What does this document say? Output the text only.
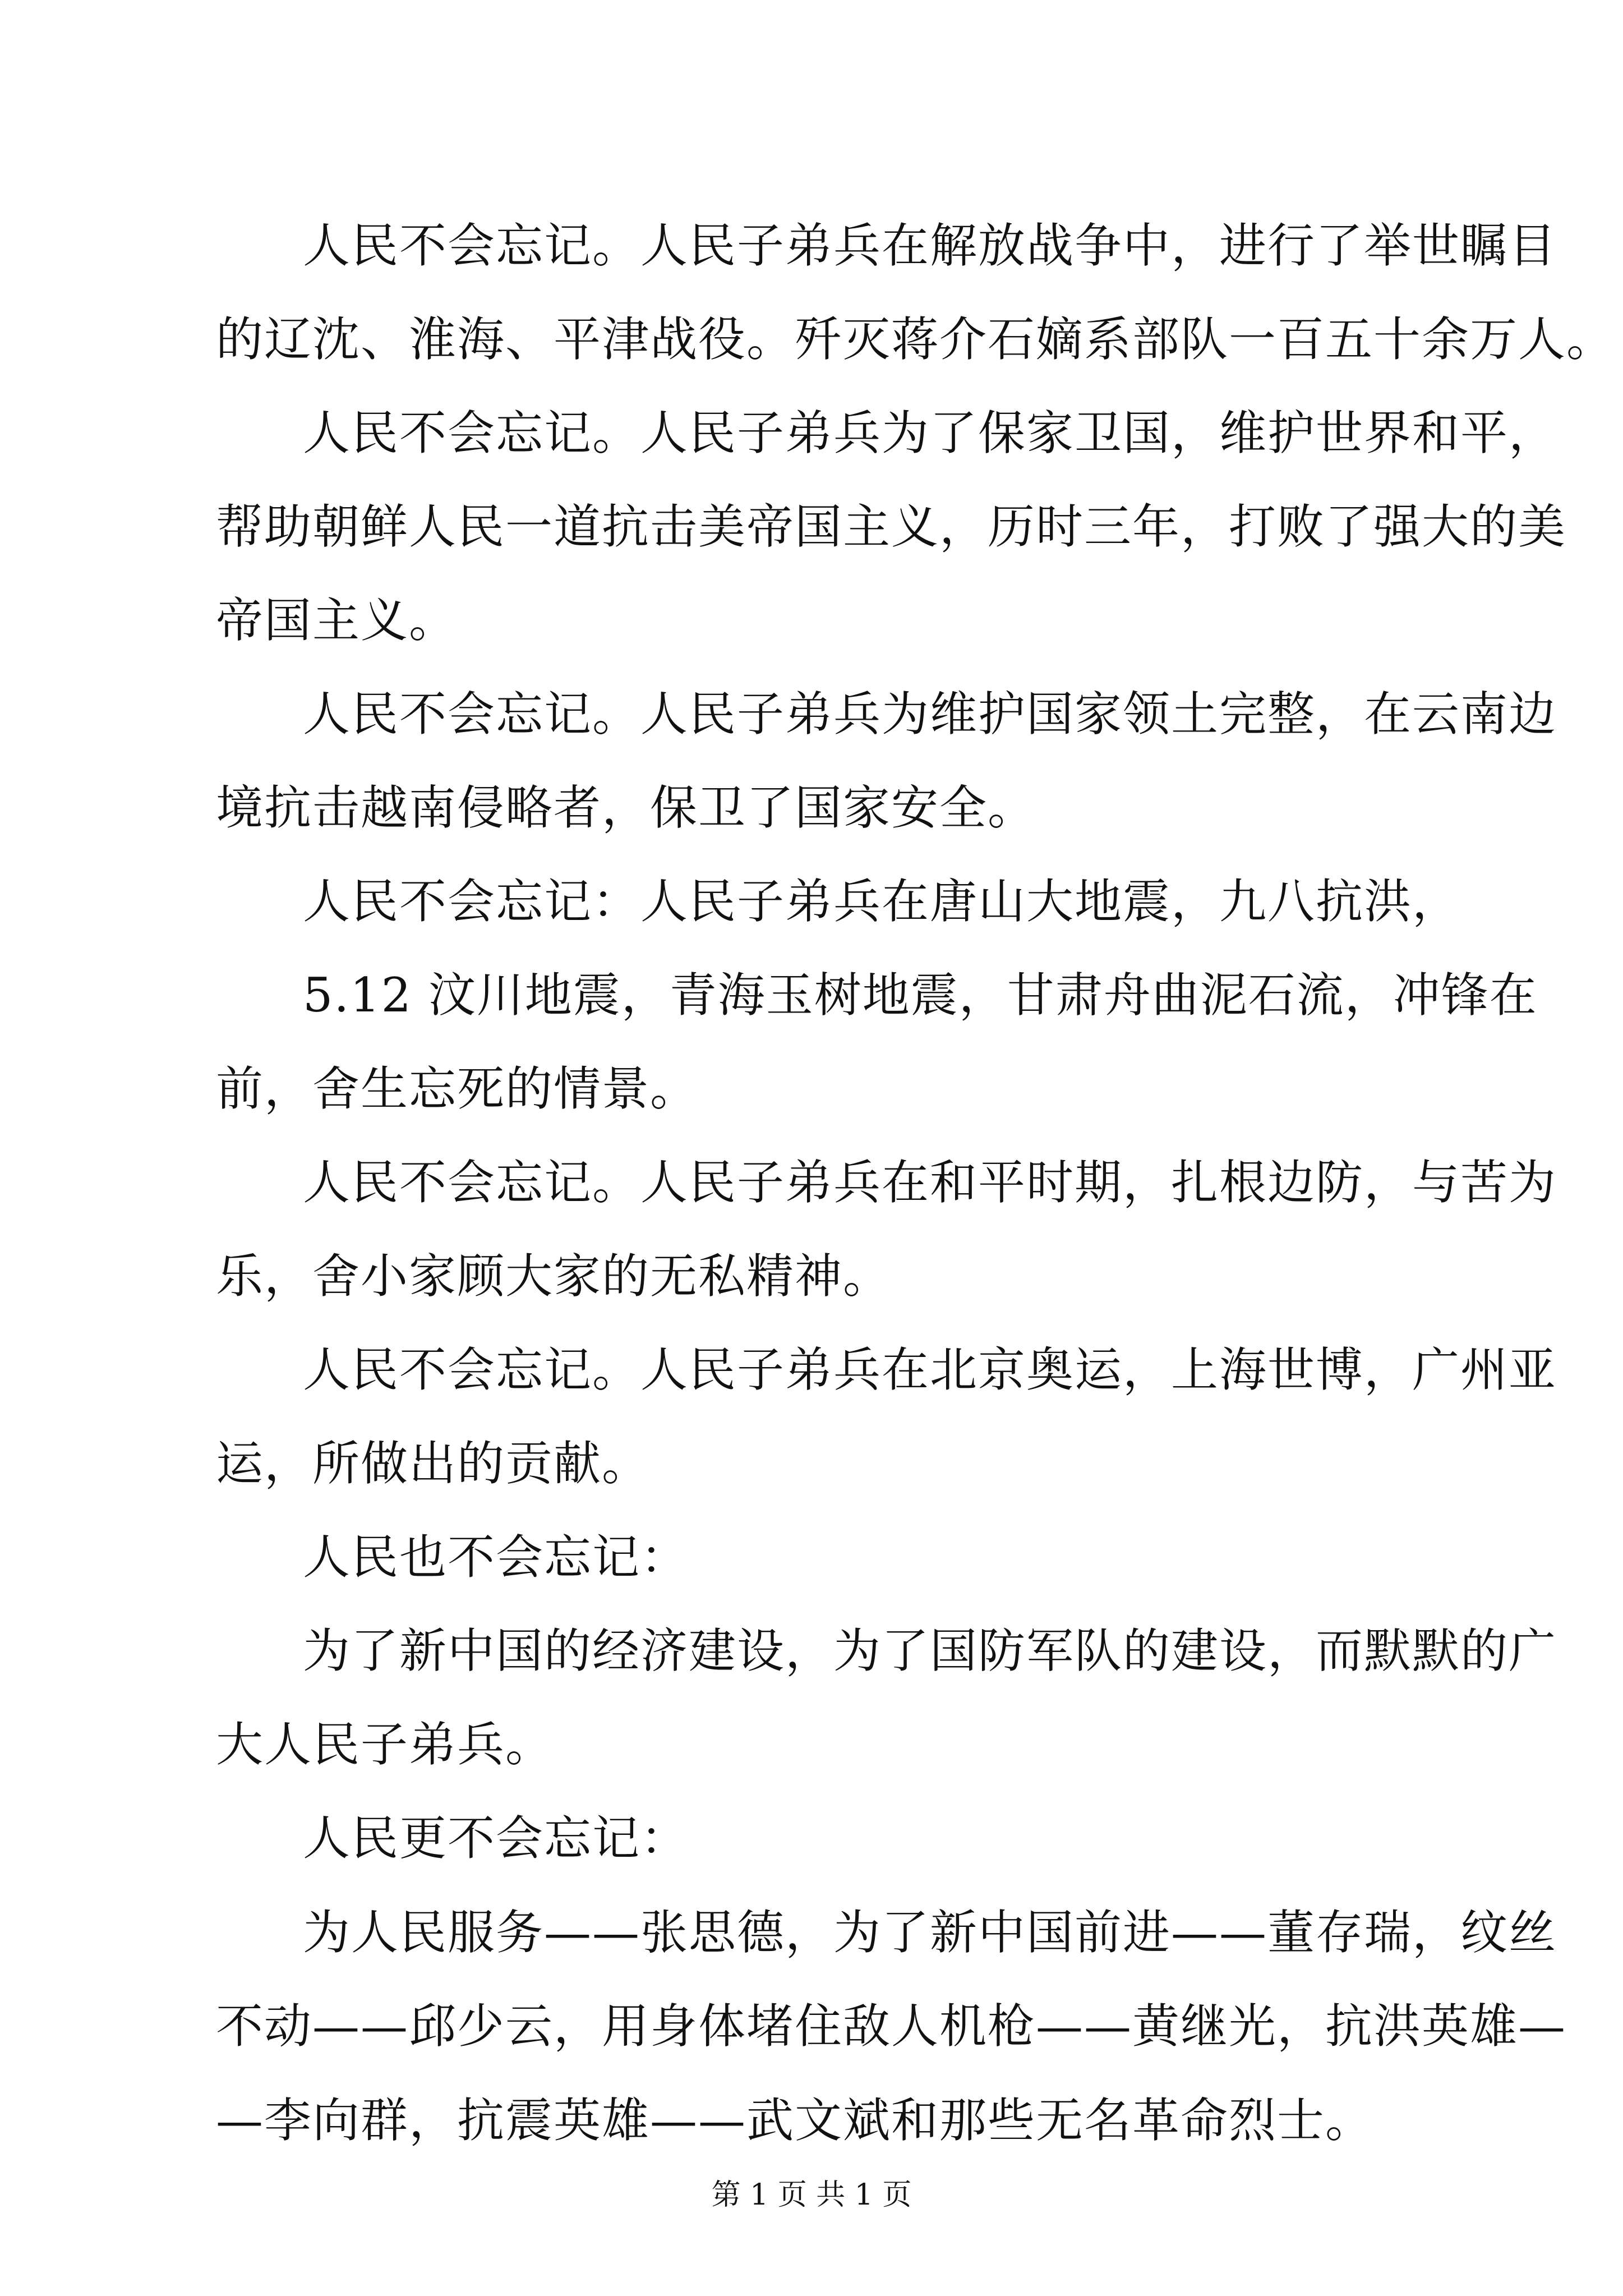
人民不会忘记。人民子弟兵在解放战争中，进行了举世瞩目
的辽沈、淮海、平津战役。歼灭蒋介石嫡系部队一百五十余万人。
人民不会忘记。人民子弟兵为了保家卫国，维护世界和平，
帮助朝鲜人民一道抗击美帝国主义，历时三年，打败了强大的美
帝国主义。
人民不会忘记。人民子弟兵为维护国家领土完整，在云南边
境抗击越南侵略者，保卫了国家安全。
人民不会忘记：人民子弟兵在唐山大地震，九八抗洪，
5.12 汶川地震，青海玉树地震，甘肃舟曲泥石流，冲锋在
前，舍生忘死的情景。
人民不会忘记。人民子弟兵在和平时期，扎根边防，与苦为
乐，舍小家顾大家的无私精神。
人民不会忘记。人民子弟兵在北京奥运，上海世博，广州亚
运，所做出的贡献。
人民也不会忘记：
为了新中国的经济建设，为了国防军队的建设，而默默的广
大人民子弟兵。
人民更不会忘记：
为人民服务——张思德，为了新中国前进——董存瑞，纹丝
第 1 页 共 1 页
不动——邱少云，用身体堵住敌人机枪——黄继光，抗洪英雄—
—李向群，抗震英雄——武文斌和那些无名革命烈士。
